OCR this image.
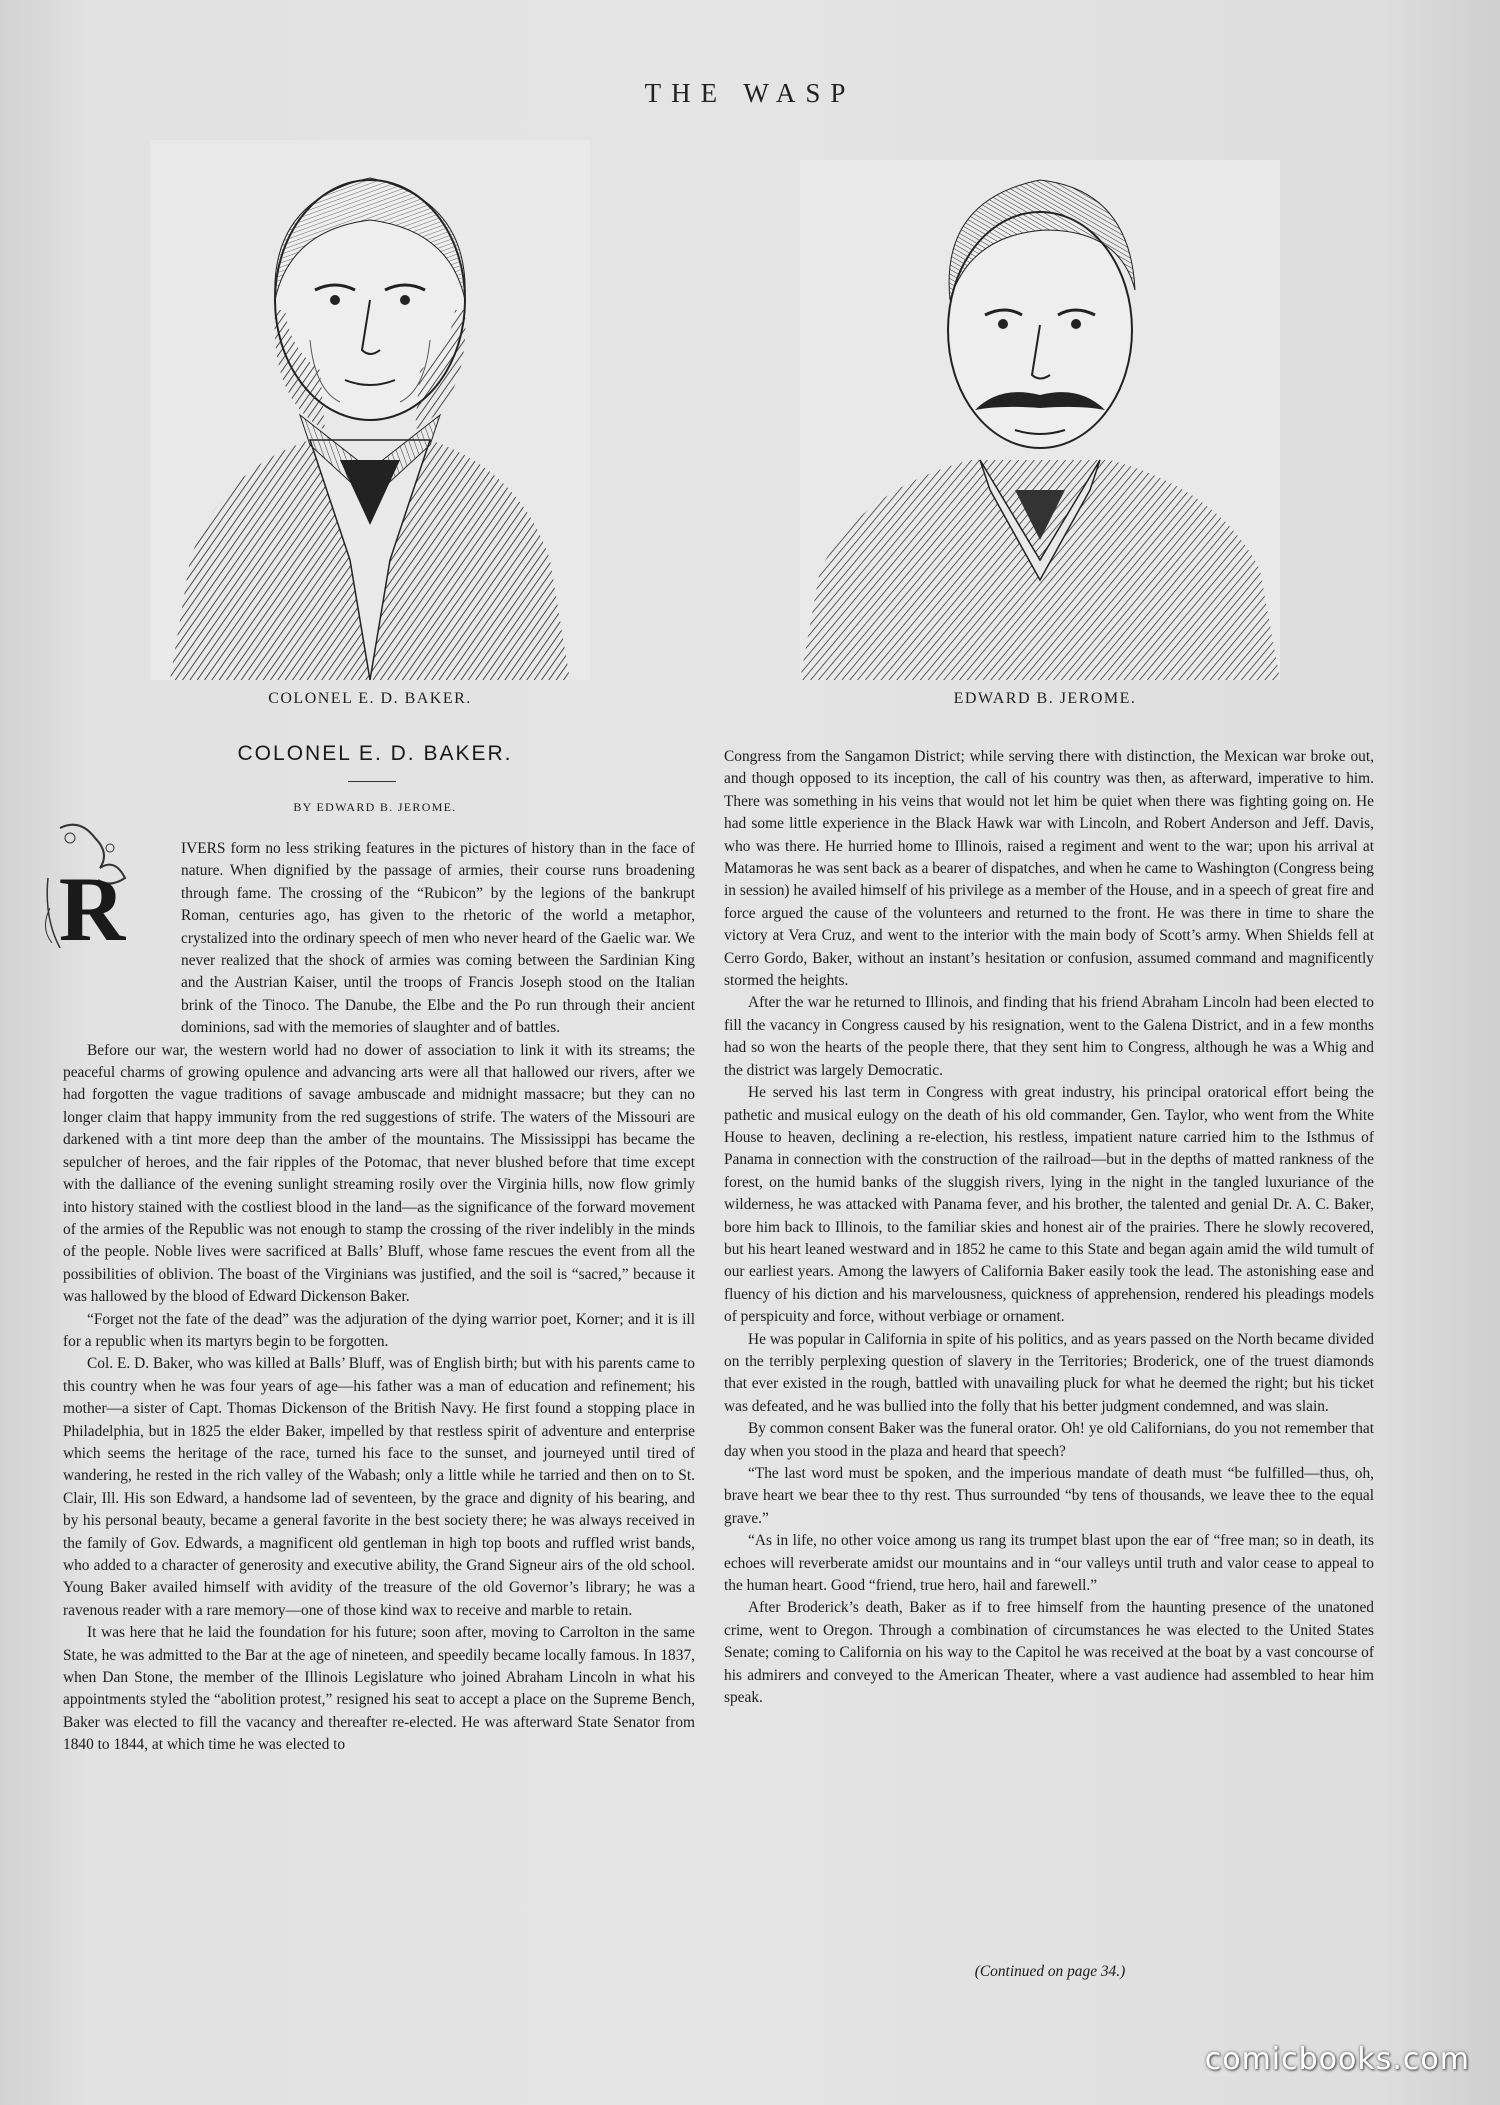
THE WASP
COLONEL E. D. BAKER.	EDWARD B. JEROME.
COLONEL E. D. BAKER.
BY EDWARD B. JEROME.
R

IVERS form no less striking features in the pictures of history than in the face of nature. When dignified by the passage of armies, their course runs broadening through fame. The crossing of the “Rubicon” by the legions of the bankrupt Roman, centuries ago, has given to the rhetoric of the world a metaphor, crystalized into the ordinary speech of men who never heard of the Gaelic war. We never realized that the shock of armies was coming between the Sardinian King and the Austrian Kaiser, until the troops of Francis Joseph stood on the Italian brink of the Tinoco. The Danube, the Elbe and the Po run through their ancient dominions, sad with the memories of slaughter and of battles.

Before our war, the western world had no dower of association to link it with its streams; the peaceful charms of growing opulence and advancing arts were all that hallowed our rivers, after we had forgotten the vague traditions of savage ambuscade and midnight massacre; but they can no longer claim that happy immunity from the red suggestions of strife. The waters of the Missouri are darkened with a tint more deep than the amber of the mountains. The Mississippi has became the sepulcher of heroes, and the fair ripples of the Potomac, that never blushed before that time except with the dalliance of the evening sunlight streaming rosily over the Virginia hills, now flow grimly into history stained with the costliest blood in the land—as the significance of the forward movement of the armies of the Republic was not enough to stamp the crossing of the river indelibly in the minds of the people. Noble lives were sacrificed at Balls’ Bluff, whose fame rescues the event from all the possibilities of oblivion. The boast of the Virginians was justified, and the soil is “sacred,” because it was hallowed by the blood of Edward Dickenson Baker.

“Forget not the fate of the dead” was the adjuration of the dying warrior poet, Korner; and it is ill for a republic when its martyrs begin to be forgotten.

Col. E. D. Baker, who was killed at Balls’ Bluff, was of English birth; but with his parents came to this country when he was four years of age—his father was a man of education and refinement; his mother—a sister of Capt. Thomas Dickenson of the British Navy. He first found a stopping place in Philadelphia, but in 1825 the elder Baker, impelled by that restless spirit of adventure and enterprise which seems the heritage of the race, turned his face to the sunset, and journeyed until tired of wandering, he rested in the rich valley of the Wabash; only a little while he tarried and then on to St. Clair, Ill. His son Edward, a handsome lad of seventeen, by the grace and dignity of his bearing, and by his personal beauty, became a general favorite in the best society there; he was always received in the family of Gov. Edwards, a magnificent old gentleman in high top boots and ruffled wrist bands, who added to a character of generosity and executive ability, the Grand Signeur airs of the old school. Young Baker availed himself with avidity of the treasure of the old Governor’s library; he was a ravenous reader with a rare memory—one of those kind wax to receive and marble to retain.

It was here that he laid the foundation for his future; soon after, moving to Carrolton in the same State, he was admitted to the Bar at the age of nineteen, and speedily became locally famous. In 1837, when Dan Stone, the member of the Illinois Legislature who joined Abraham Lincoln in what his appointments styled the “abolition protest,” resigned his seat to accept a place on the Supreme Bench, Baker was elected to fill the vacancy and thereafter re-elected. He was afterward State Senator from 1840 to 1844, at which time he was elected to

Congress from the Sangamon District; while serving there with distinction, the Mexican war broke out, and though opposed to its inception, the call of his country was then, as afterward, imperative to him. There was something in his veins that would not let him be quiet when there was fighting going on. He had some little experience in the Black Hawk war with Lincoln, and Robert Anderson and Jeff. Davis, who was there. He hurried home to Illinois, raised a regiment and went to the war; upon his arrival at Matamoras he was sent back as a bearer of dispatches, and when he came to Washington (Congress being in session) he availed himself of his privilege as a member of the House, and in a speech of great fire and force argued the cause of the volunteers and returned to the front. He was there in time to share the victory at Vera Cruz, and went to the interior with the main body of Scott’s army. When Shields fell at Cerro Gordo, Baker, without an instant’s hesitation or confusion, assumed command and magnificently stormed the heights.

After the war he returned to Illinois, and finding that his friend Abraham Lincoln had been elected to fill the vacancy in Congress caused by his resignation, went to the Galena District, and in a few months had so won the hearts of the people there, that they sent him to Congress, although he was a Whig and the district was largely Democratic.

He served his last term in Congress with great industry, his principal oratorical effort being the pathetic and musical eulogy on the death of his old commander, Gen. Taylor, who went from the White House to heaven, declining a re-election, his restless, impatient nature carried him to the Isthmus of Panama in connection with the construction of the railroad—but in the depths of matted rankness of the forest, on the humid banks of the sluggish rivers, lying in the night in the tangled luxuriance of the wilderness, he was attacked with Panama fever, and his brother, the talented and genial Dr. A. C. Baker, bore him back to Illinois, to the familiar skies and honest air of the prairies. There he slowly recovered, but his heart leaned westward and in 1852 he came to this State and began again amid the wild tumult of our earliest years. Among the lawyers of California Baker easily took the lead. The astonishing ease and fluency of his diction and his marvelousness, quickness of apprehension, rendered his pleadings models of perspicuity and force, without verbiage or ornament.

He was popular in California in spite of his politics, and as years passed on the North became divided on the terribly perplexing question of slavery in the Territories; Broderick, one of the truest diamonds that ever existed in the rough, battled with unavailing pluck for what he deemed the right; but his ticket was defeated, and he was bullied into the folly that his better judgment condemned, and was slain.

By common consent Baker was the funeral orator. Oh! ye old Californians, do you not remember that day when you stood in the plaza and heard that speech?

“The last word must be spoken, and the imperious mandate of death must “be fulfilled—thus, oh, brave heart we bear thee to thy rest. Thus surrounded “by tens of thousands, we leave thee to the equal grave.”

“As in life, no other voice among us rang its trumpet blast upon the ear of “free man; so in death, its echoes will reverberate amidst our mountains and in “our valleys until truth and valor cease to appeal to the human heart. Good “friend, true hero, hail and farewell.”

After Broderick’s death, Baker as if to free himself from the haunting presence of the unatoned crime, went to Oregon. Through a combination of circumstances he was elected to the United States Senate; coming to California on his way to the Capitol he was received at the boat by a vast concourse of his admirers and conveyed to the American Theater, where a vast audience had assembled to hear him speak.

(Continued on page 34.)
comicbooks.com
